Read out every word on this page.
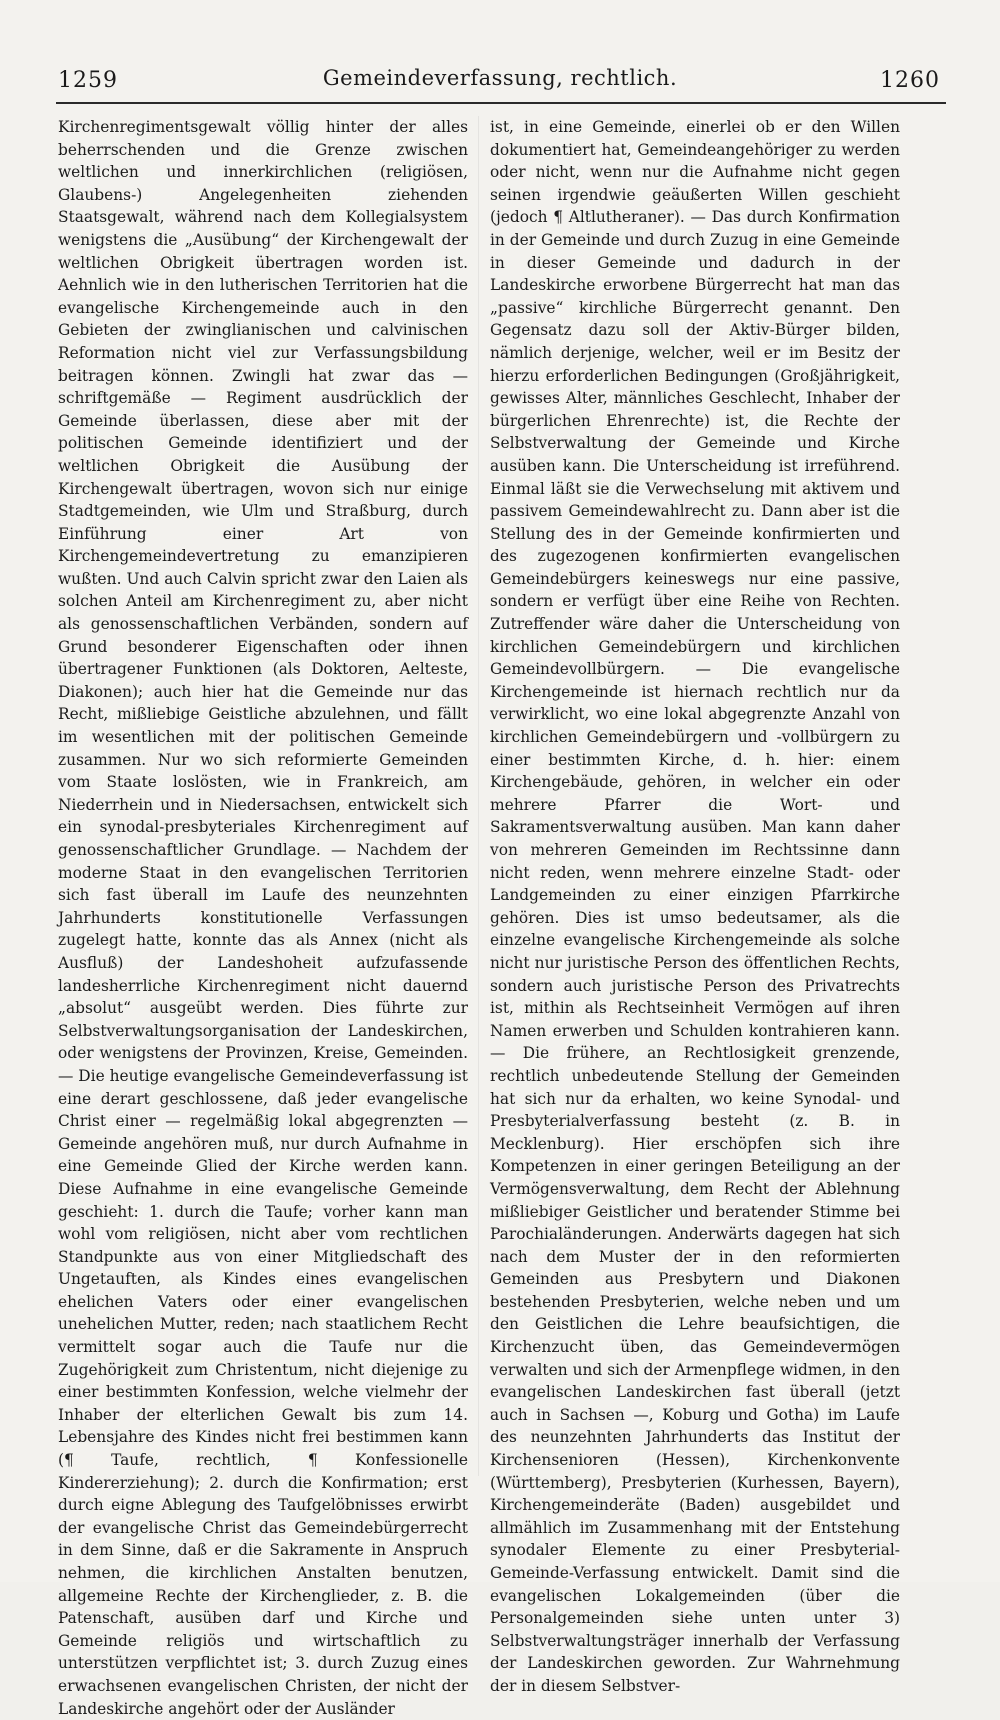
1259	Gemeindeverfassung, rechtlich.	1260

Kirchenregimentsgewalt völlig hinter der alles beherrschenden und die Grenze zwischen weltlichen und innerkirchlichen (religiösen, Glaubens-) Angelegenheiten ziehenden Staatsgewalt, während nach dem Kollegialsystem wenigstens die „Ausübung“ der Kirchengewalt der weltlichen Obrigkeit übertragen worden ist. Aehnlich wie in den lutherischen Territorien hat die evangelische Kirchengemeinde auch in den Gebieten der zwinglianischen und calvinischen Reformation nicht viel zur Verfassungsbildung beitragen können. Zwingli hat zwar das — schriftgemäße — Regiment ausdrücklich der Gemeinde überlassen, diese aber mit der politischen Gemeinde identifiziert und der weltlichen Obrigkeit die Ausübung der Kirchengewalt übertragen, wovon sich nur einige Stadtgemeinden, wie Ulm und Straßburg, durch Einführung einer Art von Kirchengemeindevertretung zu emanzipieren wußten. Und auch Calvin spricht zwar den Laien als solchen Anteil am Kirchenregiment zu, aber nicht als genossenschaftlichen Verbänden, sondern auf Grund besonderer Eigenschaften oder ihnen übertragener Funktionen (als Doktoren, Aelteste, Diakonen); auch hier hat die Gemeinde nur das Recht, mißliebige Geistliche abzulehnen, und fällt im wesentlichen mit der politischen Gemeinde zusammen. Nur wo sich reformierte Gemeinden vom Staate loslösten, wie in Frankreich, am Niederrhein und in Niedersachsen, entwickelt sich ein synodal-presbyteriales Kirchenregiment auf genossenschaftlicher Grundlage. — Nachdem der moderne Staat in den evangelischen Territorien sich fast überall im Laufe des neunzehnten Jahrhunderts konstitutionelle Verfassungen zugelegt hatte, konnte das als Annex (nicht als Ausfluß) der Landeshoheit aufzufassende landesherrliche Kirchenregiment nicht dauernd „absolut“ ausgeübt werden. Dies führte zur Selbstverwaltungsorganisation der Landeskirchen, oder wenigstens der Provinzen, Kreise, Gemeinden. — Die heutige evangelische Gemeindeverfassung ist eine derart geschlossene, daß jeder evangelische Christ einer — regelmäßig lokal abgegrenzten — Gemeinde angehören muß, nur durch Aufnahme in eine Gemeinde Glied der Kirche werden kann. Diese Aufnahme in eine evangelische Gemeinde geschieht: 1. durch die Taufe; vorher kann man wohl vom religiösen, nicht aber vom rechtlichen Standpunkte aus von einer Mitgliedschaft des Ungetauften, als Kindes eines evangelischen ehelichen Vaters oder einer evangelischen unehelichen Mutter, reden; nach staatlichem Recht vermittelt sogar auch die Taufe nur die Zugehörigkeit zum Christentum, nicht diejenige zu einer bestimmten Konfession, welche vielmehr der Inhaber der elterlichen Gewalt bis zum 14. Lebensjahre des Kindes nicht frei bestimmen kann (¶ Taufe, rechtlich, ¶ Konfessionelle Kindererziehung); 2. durch die Konfirmation; erst durch eigne Ablegung des Taufgelöbnisses erwirbt der evangelische Christ das Gemeindebürgerrecht in dem Sinne, daß er die Sakramente in Anspruch nehmen, die kirchlichen Anstalten benutzen, allgemeine Rechte der Kirchenglieder, z. B. die Patenschaft, ausüben darf und Kirche und Gemeinde religiös und wirtschaftlich zu unterstützen verpflichtet ist; 3. durch Zuzug eines erwachsenen evangelischen Christen, der nicht der Landeskirche angehört oder der Ausländer

ist, in eine Gemeinde, einerlei ob er den Willen dokumentiert hat, Gemeindeangehöriger zu werden oder nicht, wenn nur die Aufnahme nicht gegen seinen irgendwie geäußerten Willen geschieht (jedoch ¶ Altlutheraner). — Das durch Konfirmation in der Gemeinde und durch Zuzug in eine Gemeinde in dieser Gemeinde und dadurch in der Landeskirche erworbene Bürgerrecht hat man das „passive“ kirchliche Bürgerrecht genannt. Den Gegensatz dazu soll der Aktiv-Bürger bilden, nämlich derjenige, welcher, weil er im Besitz der hierzu erforderlichen Bedingungen (Großjährigkeit, gewisses Alter, männliches Geschlecht, Inhaber der bürgerlichen Ehrenrechte) ist, die Rechte der Selbstverwaltung der Gemeinde und Kirche ausüben kann. Die Unterscheidung ist irreführend. Einmal läßt sie die Verwechselung mit aktivem und passivem Gemeindewahlrecht zu. Dann aber ist die Stellung des in der Gemeinde konfirmierten und des zugezogenen konfirmierten evangelischen Gemeindebürgers keineswegs nur eine passive, sondern er verfügt über eine Reihe von Rechten. Zutreffender wäre daher die Unterscheidung von kirchlichen Gemeindebürgern und kirchlichen Gemeindevollbürgern. — Die evangelische Kirchengemeinde ist hiernach rechtlich nur da verwirklicht, wo eine lokal abgegrenzte Anzahl von kirchlichen Gemeindebürgern und -vollbürgern zu einer bestimmten Kirche, d. h. hier: einem Kirchengebäude, gehören, in welcher ein oder mehrere Pfarrer die Wort- und Sakramentsverwaltung ausüben. Man kann daher von mehreren Gemeinden im Rechtssinne dann nicht reden, wenn mehrere einzelne Stadt- oder Landgemeinden zu einer einzigen Pfarrkirche gehören. Dies ist umso bedeutsamer, als die einzelne evangelische Kirchengemeinde als solche nicht nur juristische Person des öffentlichen Rechts, sondern auch juristische Person des Privatrechts ist, mithin als Rechtseinheit Vermögen auf ihren Namen erwerben und Schulden kontrahieren kann. — Die frühere, an Rechtlosigkeit grenzende, rechtlich unbedeutende Stellung der Gemeinden hat sich nur da erhalten, wo keine Synodal- und Presbyterialverfassung besteht (z. B. in Mecklenburg). Hier erschöpfen sich ihre Kompetenzen in einer geringen Beteiligung an der Vermögensverwaltung, dem Recht der Ablehnung mißliebiger Geistlicher und beratender Stimme bei Parochialänderungen. Anderwärts dagegen hat sich nach dem Muster der in den reformierten Gemeinden aus Presbytern und Diakonen bestehenden Presbyterien, welche neben und um den Geistlichen die Lehre beaufsichtigen, die Kirchenzucht üben, das Gemeindevermögen verwalten und sich der Armenpflege widmen, in den evangelischen Landeskirchen fast überall (jetzt auch in Sachsen —, Koburg und Gotha) im Laufe des neunzehnten Jahrhunderts das Institut der Kirchensenioren (Hessen), Kirchenkonvente (Württemberg), Presbyterien (Kurhessen, Bayern), Kirchengemeinderäte (Baden) ausgebildet und allmählich im Zusammenhang mit der Entstehung synodaler Elemente zu einer Presbyterial-Gemeinde-Verfassung entwickelt. Damit sind die evangelischen Lokalgemeinden (über die Personalgemeinden siehe unten unter 3) Selbstverwaltungsträger innerhalb der Verfassung der Landeskirchen geworden. Zur Wahrnehmung der in diesem Selbstver-
